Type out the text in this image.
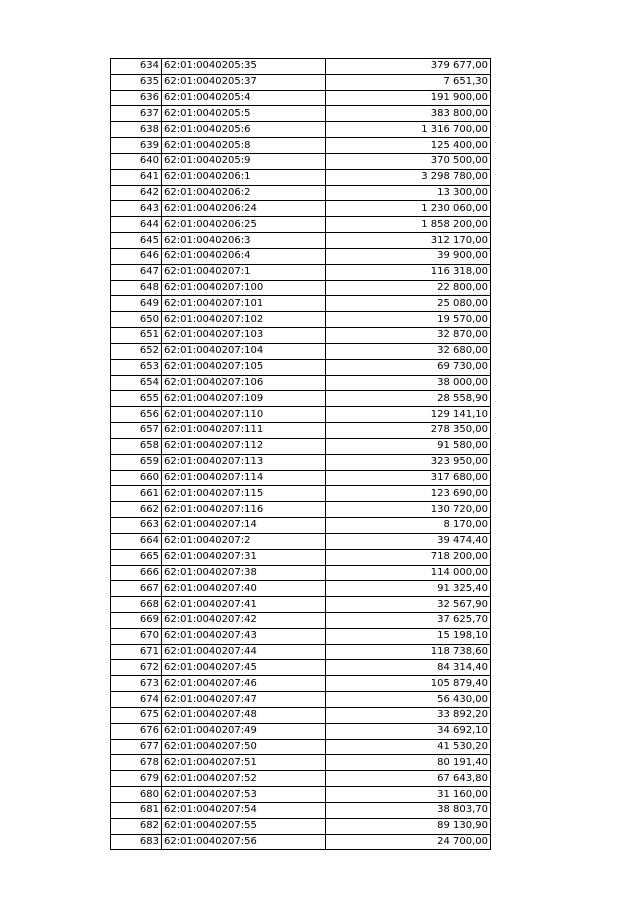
634	62:01:0040205:35	379 677,00
635	62:01:0040205:37	7 651,30
636	62:01:0040205:4	191 900,00
637	62:01:0040205:5	383 800,00
638	62:01:0040205:6	1 316 700,00
639	62:01:0040205:8	125 400,00
640	62:01:0040205:9	370 500,00
641	62:01:0040206:1	3 298 780,00
642	62:01:0040206:2	13 300,00
643	62:01:0040206:24	1 230 060,00
644	62:01:0040206:25	1 858 200,00
645	62:01:0040206:3	312 170,00
646	62:01:0040206:4	39 900,00
647	62:01:0040207:1	116 318,00
648	62:01:0040207:100	22 800,00
649	62:01:0040207:101	25 080,00
650	62:01:0040207:102	19 570,00
651	62:01:0040207:103	32 870,00
652	62:01:0040207:104	32 680,00
653	62:01:0040207:105	69 730,00
654	62:01:0040207:106	38 000,00
655	62:01:0040207:109	28 558,90
656	62:01:0040207:110	129 141,10
657	62:01:0040207:111	278 350,00
658	62:01:0040207:112	91 580,00
659	62:01:0040207:113	323 950,00
660	62:01:0040207:114	317 680,00
661	62:01:0040207:115	123 690,00
662	62:01:0040207:116	130 720,00
663	62:01:0040207:14	8 170,00
664	62:01:0040207:2	39 474,40
665	62:01:0040207:31	718 200,00
666	62:01:0040207:38	114 000,00
667	62:01:0040207:40	91 325,40
668	62:01:0040207:41	32 567,90
669	62:01:0040207:42	37 625,70
670	62:01:0040207:43	15 198,10
671	62:01:0040207:44	118 738,60
672	62:01:0040207:45	84 314,40
673	62:01:0040207:46	105 879,40
674	62:01:0040207:47	56 430,00
675	62:01:0040207:48	33 892,20
676	62:01:0040207:49	34 692,10
677	62:01:0040207:50	41 530,20
678	62:01:0040207:51	80 191,40
679	62:01:0040207:52	67 643,80
680	62:01:0040207:53	31 160,00
681	62:01:0040207:54	38 803,70
682	62:01:0040207:55	89 130,90
683	62:01:0040207:56	24 700,00
